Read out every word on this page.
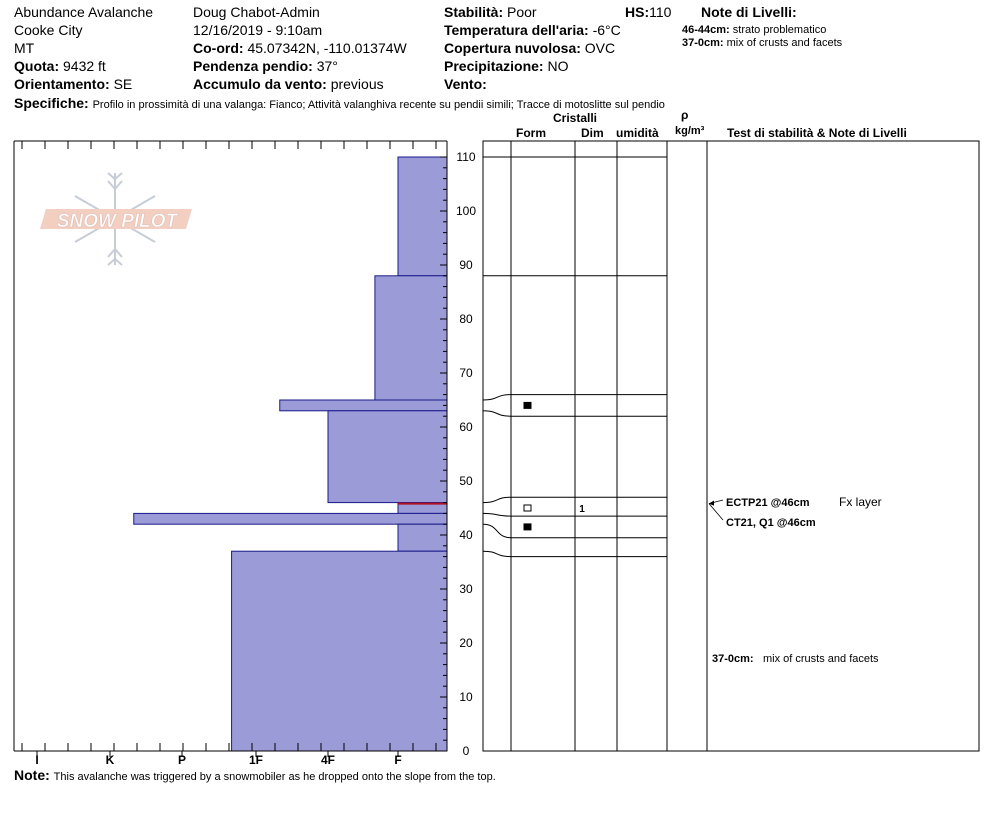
Abundance Avalanche
Cooke City
MT
Quota: 9432 ft
Orientamento: SE
Doug Chabot-Admin
12/16/2019 - 9:10am
Co-ord: 45.07342N, -110.01374W
Pendenza pendio: 37°
Accumulo da vento: previous
Stabilità: Poor	HS:110
Temperatura dell'aria: -6°C
Copertura nuvolosa: OVC
Precipitazione: NO
Vento:
Note di Livelli:
46-44cm: strato problematico
37-0cm: mix of crusts and facets
Specifiche: Profilo in prossimità di una valanga: Fianco; Attività valanghiva recente su pendii simili; Tracce di motoslitte sul pendio
Cristalli
Form	Dim umidità
ρ
kg/m³ Test di stabilità & Note di Livelli
SNOW PILOT
I	K	P	1F	4F	F
0
10
20
30
40
50
60
70
80
90
100
110
1
ECTP21 @46cm Fx layer
CT21, Q1 @46cm
37-0cm: mix of crusts and facets
Note: This avalanche was triggered by a snowmobiler as he dropped onto the slope from the top.
